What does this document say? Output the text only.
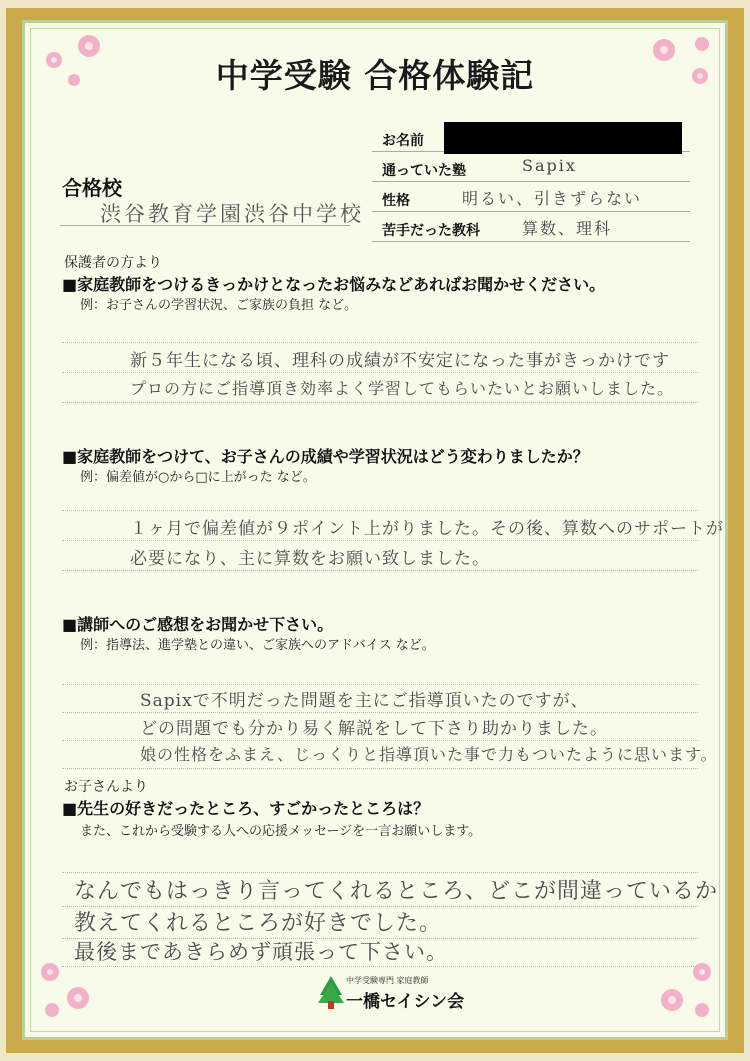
中学受験 合格体験記
お名前
通っていた塾	Sapix
性格	明るい、引きずらない
苦手だった教科	算数、理科
合格校
渋谷教育学園渋谷中学校
保護者の方より
■家庭教師をつけるきっかけとなったお悩みなどあればお聞かせください。
例：お子さんの学習状況、ご家族の負担 など。
新５年生になる頃、理科の成績が不安定になった事がきっかけです
プロの方にご指導頂き効率よく学習してもらいたいとお願いしました。
■家庭教師をつけて、お子さんの成績や学習状況はどう変わりましたか？
例：偏差値が○から□に上がった など。
１ヶ月で偏差値が９ポイント上がりました。その後、算数へのサポートが
必要になり、主に算数をお願い致しました。
■講師へのご感想をお聞かせ下さい。
例：指導法、進学塾との違い、ご家族へのアドバイス など。
Sapixで不明だった問題を主にご指導頂いたのですが、
どの問題でも分かり易く解説をして下さり助かりました。
娘の性格をふまえ、じっくりと指導頂いた事で力もついたように思います。
お子さんより
■先生の好きだったところ、すごかったところは？
また、これから受験する人への応援メッセージを一言お願いします。
なんでもはっきり言ってくれるところ、どこが間違っているか
教えてくれるところが好きでした。
最後まであきらめず頑張って下さい。
中学受験専門 家庭教師
一橋セイシン会
